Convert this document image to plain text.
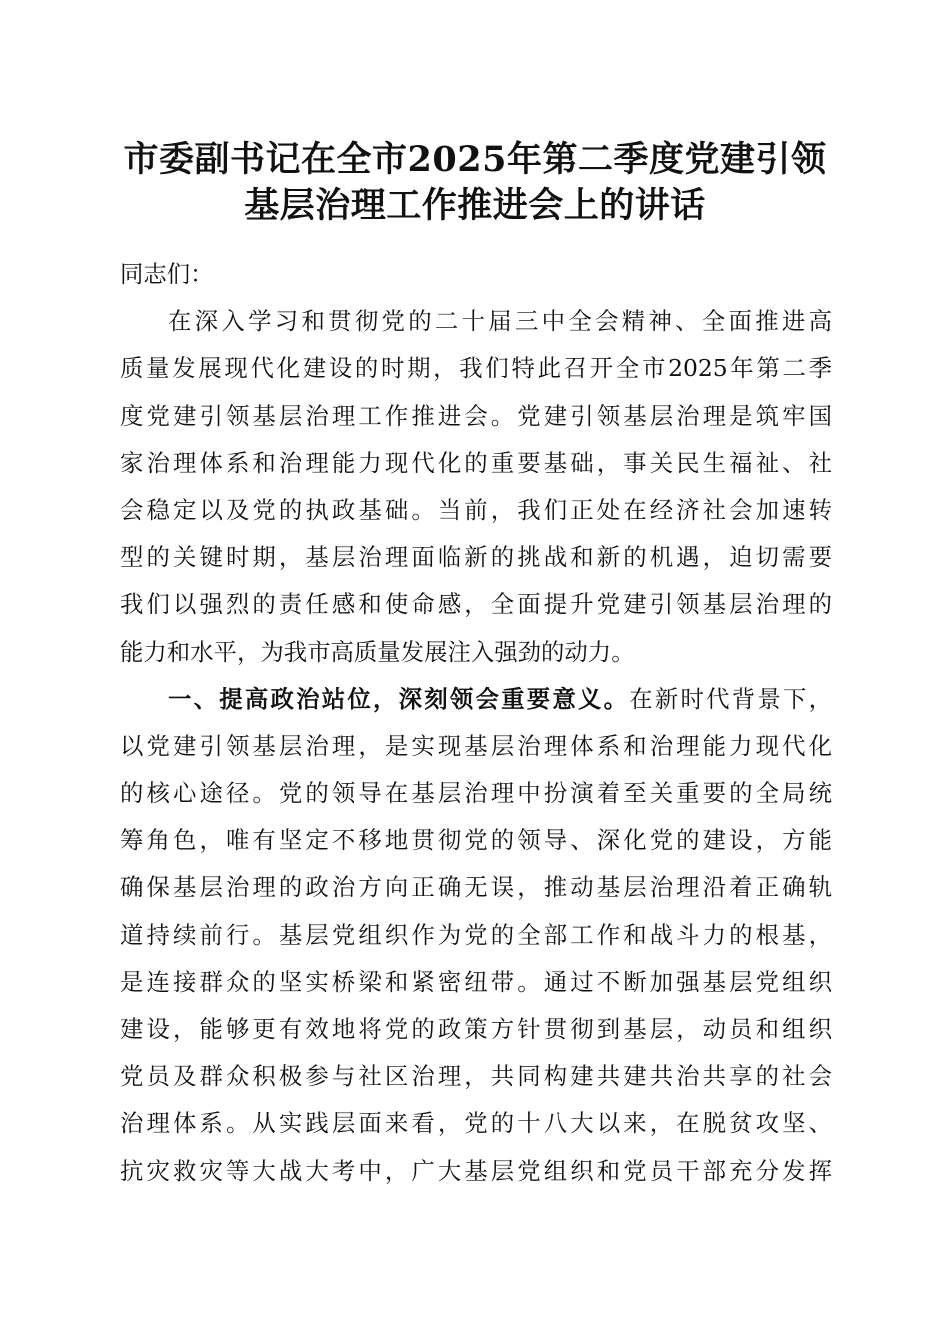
市委副书记在全市2025年第二季度党建引领
基层治理工作推进会上的讲话
同志们：
在深入学习和贯彻党的二十届三中全会精神、全面推进高
质量发展现代化建设的时期，我们特此召开全市2025年第二季
度党建引领基层治理工作推进会。党建引领基层治理是筑牢国
家治理体系和治理能力现代化的重要基础，事关民生福祉、社
会稳定以及党的执政基础。当前，我们正处在经济社会加速转
型的关键时期，基层治理面临新的挑战和新的机遇，迫切需要
我们以强烈的责任感和使命感，全面提升党建引领基层治理的
能力和水平，为我市高质量发展注入强劲的动力。
一、提高政治站位，深刻领会重要意义。在新时代背景下，
以党建引领基层治理，是实现基层治理体系和治理能力现代化
的核心途径。党的领导在基层治理中扮演着至关重要的全局统
筹角色，唯有坚定不移地贯彻党的领导、深化党的建设，方能
确保基层治理的政治方向正确无误，推动基层治理沿着正确轨
道持续前行。基层党组织作为党的全部工作和战斗力的根基，
是连接群众的坚实桥梁和紧密纽带。通过不断加强基层党组织
建设，能够更有效地将党的政策方针贯彻到基层，动员和组织
党员及群众积极参与社区治理，共同构建共建共治共享的社会
治理体系。从实践层面来看，党的十八大以来，在脱贫攻坚、
抗灾救灾等大战大考中，广大基层党组织和党员干部充分发挥
